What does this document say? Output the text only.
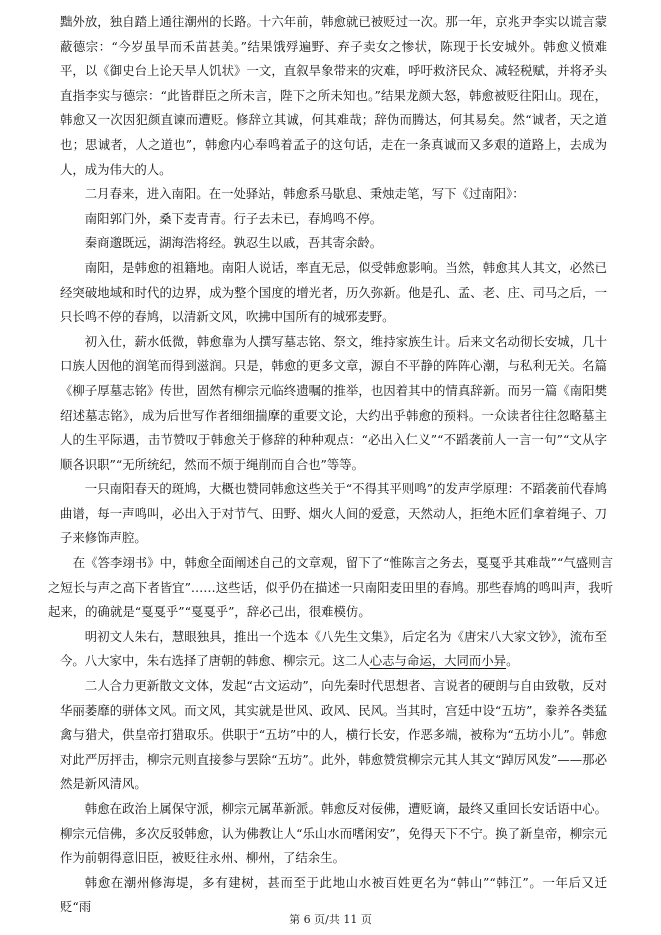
黜外放，独自踏上通往潮州的长路。十六年前，韩愈就已被贬过一次。那一年，京兆尹李实以谎言蒙蔽德宗：“今岁虽旱而禾苗甚美。”结果饿殍遍野、弃子卖女之惨状，陈现于长安城外。韩愈义愤难平，以《御史台上论天旱人饥状》一文，直叙旱象带来的灾难，呼吁救济民众、减轻税赋，并将矛头直指李实与德宗：“此皆群臣之所未言，陛下之所未知也。”结果龙颜大怒，韩愈被贬往阳山。现在，韩愈又一次因犯颜直谏而遭贬。修辞立其诚，何其难哉；辞伪而腾达，何其易矣。然“诚者，天之道也；思诚者，人之道也”，韩愈内心奉鸣着孟子的这句话，走在一条真诚而又多艰的道路上，去成为人，成为伟大的人。

二月春来，进入南阳。在一处驿站，韩愈系马歇息、秉烛走笔，写下《过南阳》：

南阳郭门外，桑下麦青青。行子去未已，春鸠鸣不停。

秦商邈既远，湖海浩将经。孰忍生以戚，吾其寄余龄。

南阳，是韩愈的祖籍地。南阳人说话，率直无忌，似受韩愈影响。当然，韩愈其人其文，必然已经突破地域和时代的边界，成为整个国度的增光者，历久弥新。他是孔、孟、老、庄、司马之后，一只长鸣不停的春鸠，以清新文风，吹拂中国所有的城邪麦野。

初入仕，薪水低微，韩愈靠为人撰写墓志铭、祭文，维持家族生计。后来文名动彻长安城，几十口族人因他的润笔而得到滋润。只是，韩愈的更多文章，源自不平静的阵阵心潮，与私利无关。名篇《柳子厚墓志铭》传世，固然有柳宗元临终遗嘱的推举，也因着其中的情真辞新。而另一篇《南阳樊绍述墓志铭》，成为后世写作者细细揣摩的重要文论，大约出乎韩愈的预料。一众读者往往忽略墓主人的生平际遇，击节赞叹于韩愈关于修辞的种种观点：“必出入仁义”“不蹈袭前人一言一句”“文从字顺各识职”“无所统纪，然而不烦于绳削而自合也”等等。

一只南阳春天的斑鸠，大概也赞同韩愈这些关于“不得其平则鸣”的发声学原理：不蹈袭前代春鸠曲谱，每一声鸣叫，必出入于对节气、田野、烟火人间的爱意，天然动人，拒绝木匠们拿着绳子、刀子来修饰声腔。

在《答李翊书》中，韩愈全面阐述自己的文章观，留下了“惟陈言之务去，戛戛乎其难哉”“气盛则言之短长与声之高下者皆宜”……这些话，似乎仍在描述一只南阳麦田里的春鸠。那些春鸠的鸣叫声，我听起来，的确就是“戛戛乎”“戛戛乎”，辞必己出，很难模仿。

明初文人朱右，慧眼独具，推出一个选本《八先生文集》，后定名为《唐宋八大家文钞》，流布至今。八大家中，朱右选择了唐朝的韩愈、柳宗元。这二人心志与命运，大同而小异。

二人合力更新散文文体，发起“古文运动”，向先秦时代思想者、言说者的硬朗与自由致敬，反对华丽萎靡的骈体文风。而文风，其实就是世风、政风、民风。当其时，宫廷中设“五坊”，豢养各类猛禽与猎犬，供皇帝打猎取乐。供职于“五坊”中的人，横行长安，作恶多端，被称为“五坊小儿”。韩愈对此严厉抨击，柳宗元则直接参与罢除“五坊”。此外，韩愈赞赏柳宗元其人其文“踔厉风发”——那必然是新风清风。

韩愈在政治上属保守派，柳宗元属革新派。韩愈反对佞佛，遭贬谪，最终又重回长安话语中心。柳宗元信佛，多次反驳韩愈，认为佛教让人“乐山水而嗜闲安”，免得天下不宁。换了新皇帝，柳宗元作为前朝得意旧臣，被贬往永州、柳州，了结余生。

韩愈在潮州修海堤，多有建树，甚而至于此地山水被百姓更名为“韩山”“韩江”。一年后又迁贬“雨

第 6 页/共 11 页
